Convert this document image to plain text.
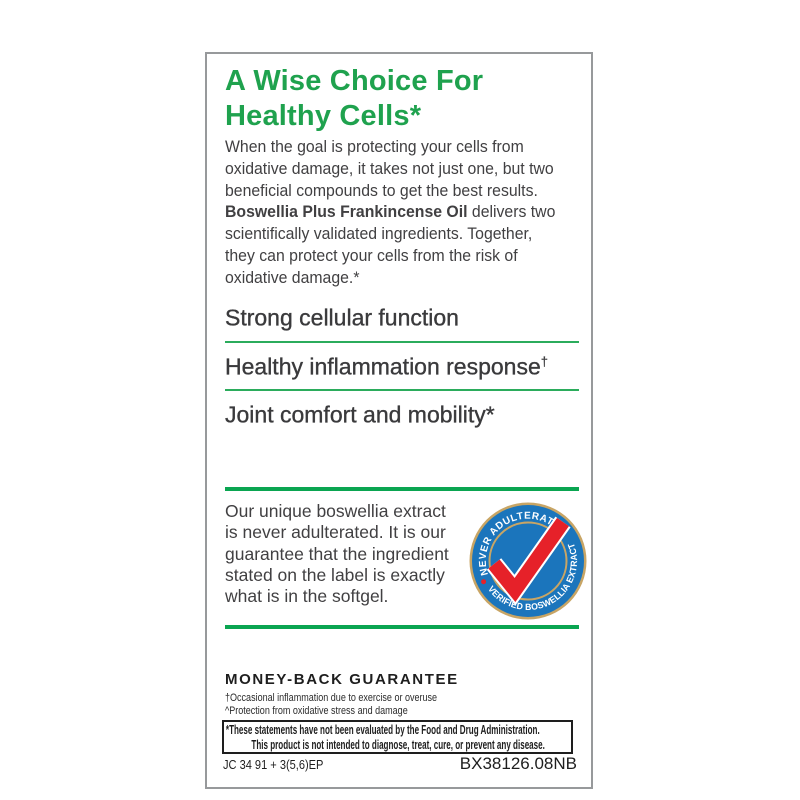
A Wise Choice For
Healthy Cells*
When the goal is protecting your cells from
oxidative damage, it takes not just one, but two
beneficial compounds to get the best results.
Boswellia Plus Frankincense Oil delivers two
scientifically validated ingredients. Together,
they can protect your cells from the risk of
oxidative damage.*
Strong cellular function
Healthy inflammation response†
Joint comfort and mobility*
Our unique boswellia extract
is never adulterated. It is our
guarantee that the ingredient
stated on the label is exactly
what is in the softgel.
NEVER ADULTERATED
VERIFIED BOSWELLIA EXTRACT
MONEY-BACK GUARANTEE
†Occasional inflammation due to exercise or overuse
^Protection from oxidative stress and damage
*These statements have not been evaluated by the Food and Drug Administration.
This product is not intended to diagnose, treat, cure, or prevent any disease.
JC 34 91 + 3(5,6)EP	BX38126.08NB
